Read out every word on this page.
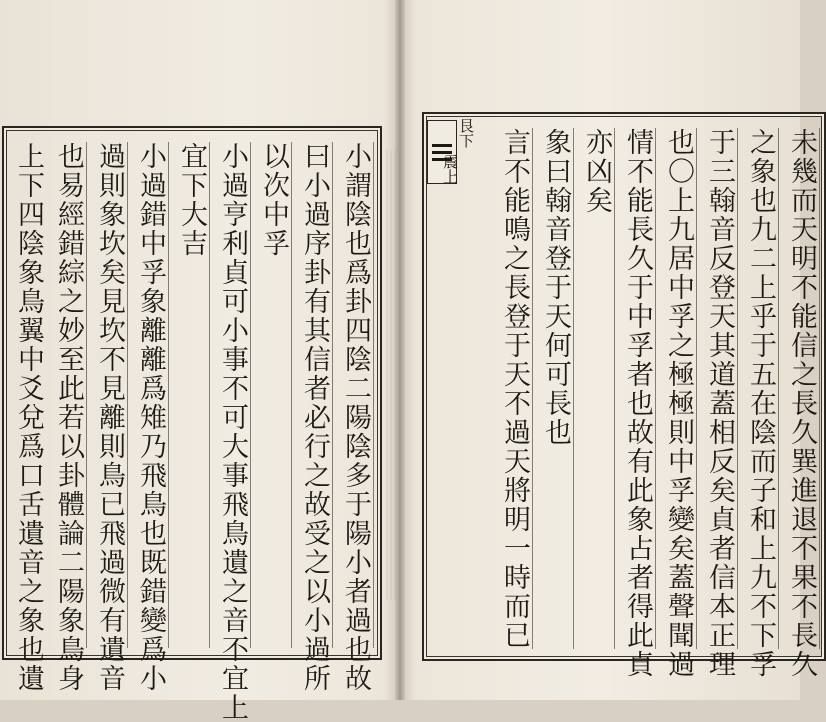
小謂陰也爲卦四陰二陽陰多于陽小者過也故
曰小過序卦有其信者必行之故受之以小過所
以次中孚
小過亨利貞可小事不可大事飛鳥遺之音不宜上
宜下大吉
小過錯中孚象離離爲雉乃飛鳥也既錯變爲小
過則象坎矣見坎不見離則鳥已飛過微有遺音
也易經錯綜之妙至此若以卦體論二陽象鳥身
上下四陰象鳥翼中爻兌爲口舌遺音之象也遺	未幾而天明不能信之長久巽進退不果不長久
之象也九二上乎于五在陰而子和上九不下孚
于三翰音反登天其道蓋相反矣貞者信本正理
也〇上九居中孚之極極則中孚變矣蓋聲聞過
情不能長久于中孚者也故有此象占者得此貞
亦凶矣
象曰翰音登于天何可長也
言不能鳴之長登于天不過天將明一時而已
艮下
震上
